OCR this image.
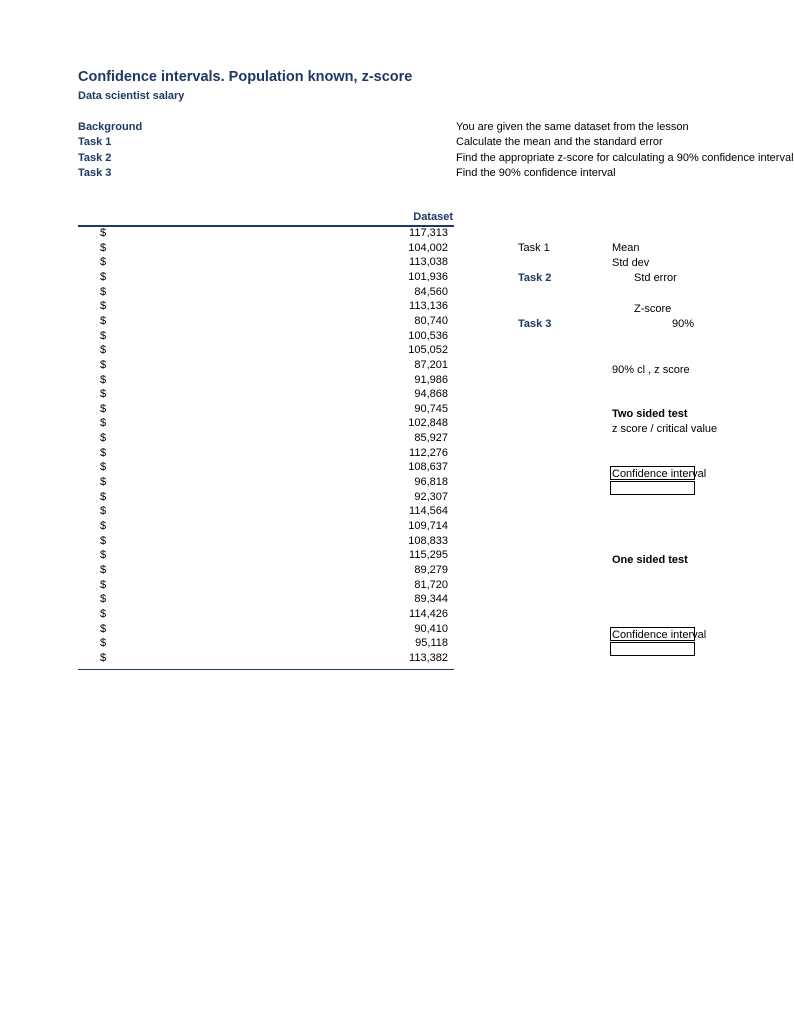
Confidence intervals. Population known, z-score
Data scientist salary
Background	You are given the same dataset from the lesson
Task 1	Calculate the mean and the standard error
Task 2	Find the appropriate z-score for calculating a 90% confidence interval
Task 3	Find the 90% confidence interval
Dataset
$	117,313
$	104,002
$	113,038
$	101,936
$	84,560
$	113,136
$	80,740
$	100,536
$	105,052
$	87,201
$	91,986
$	94,868
$	90,745
$	102,848
$	85,927
$	112,276
$	108,637
$	96,818
$	92,307
$	114,564
$	109,714
$	108,833
$	115,295
$	89,279
$	81,720
$	89,344
$	114,426
$	90,410
$	95,118
$	113,382
Task 1	Mean
Std dev
Task 2	Std error
Z-score
Task 3	90%
90% cl , z score
Two sided test
z score / critical value
Confidence interval
One sided test
Confidence interval
